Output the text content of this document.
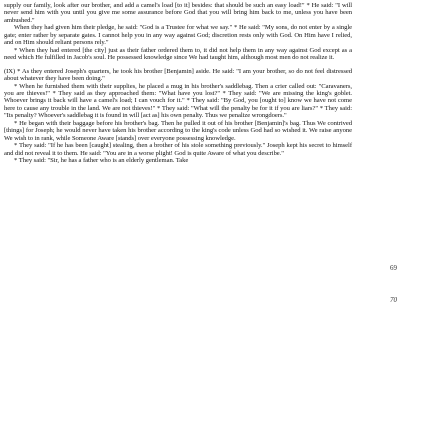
supply our family, look after our brother, and add a camel's load [to it] besides: that should be such an easy load!" * He said: "I will never send him with you until you give me some assurance before God that you will bring him back to me, unless you have been ambushed."

When they had given him their pledge, he said: "God is a Trustee for what we say." * He said: "My sons, do not enter by a single gate; enter rather by separate gates. I cannot help you in any way against God; discretion rests only with God. On Him have I relied, and on Him should reliant persons rely."

* When they had entered [the city] just as their father ordered them to, it did not help them in any way against God except as a need which He fulfilled in Jacob's soul. He possessed knowledge since We had taught him, although most men do not realize it.

(IX) * As they entered Joseph's quarters, he took his brother [Benjamin] aside. He said: "I am your brother, so do not feel distressed about whatever they have been doing."

* When he furnished them with their supplies, he placed a mug in his brother's saddlebag. Then a crier called out: "Caravaners, you are thieves!" * They said as they approached them: "What have you lost?" * They said: "We are missing the king's goblet. Whoever brings it back will have a camel's load; I can vouch for it." * They said: "By God, you [ought to] know we have not come here to cause any trouble in the land. We are not thieves!" * They said: "What will the penalty be for it if you are liars?" * They said: "Its penalty? Whoever's saddlebag it is found in will [act as] his own penalty. Thus we penalize wrongdoers."

* He began with their baggage before his brother's bag. Then he pulled it out of his brother [Benjamin]'s bag. Thus We contrived [things] for Joseph; he would never have taken his brother according to the king's code unless God had so wished it. We raise anyone We wish to in rank, while Someone Aware [stands] over everyone possessing knowledge.

* They said: "If he has been [caught] stealing, then a brother of his stole something previously." Joseph kept his secret to himself and did not reveal it to them. He said: "You are in a worse plight! God is quite Aware of what you describe."

* They said: "Sir, he has a father who is an elderly gentleman. Take

69
70
